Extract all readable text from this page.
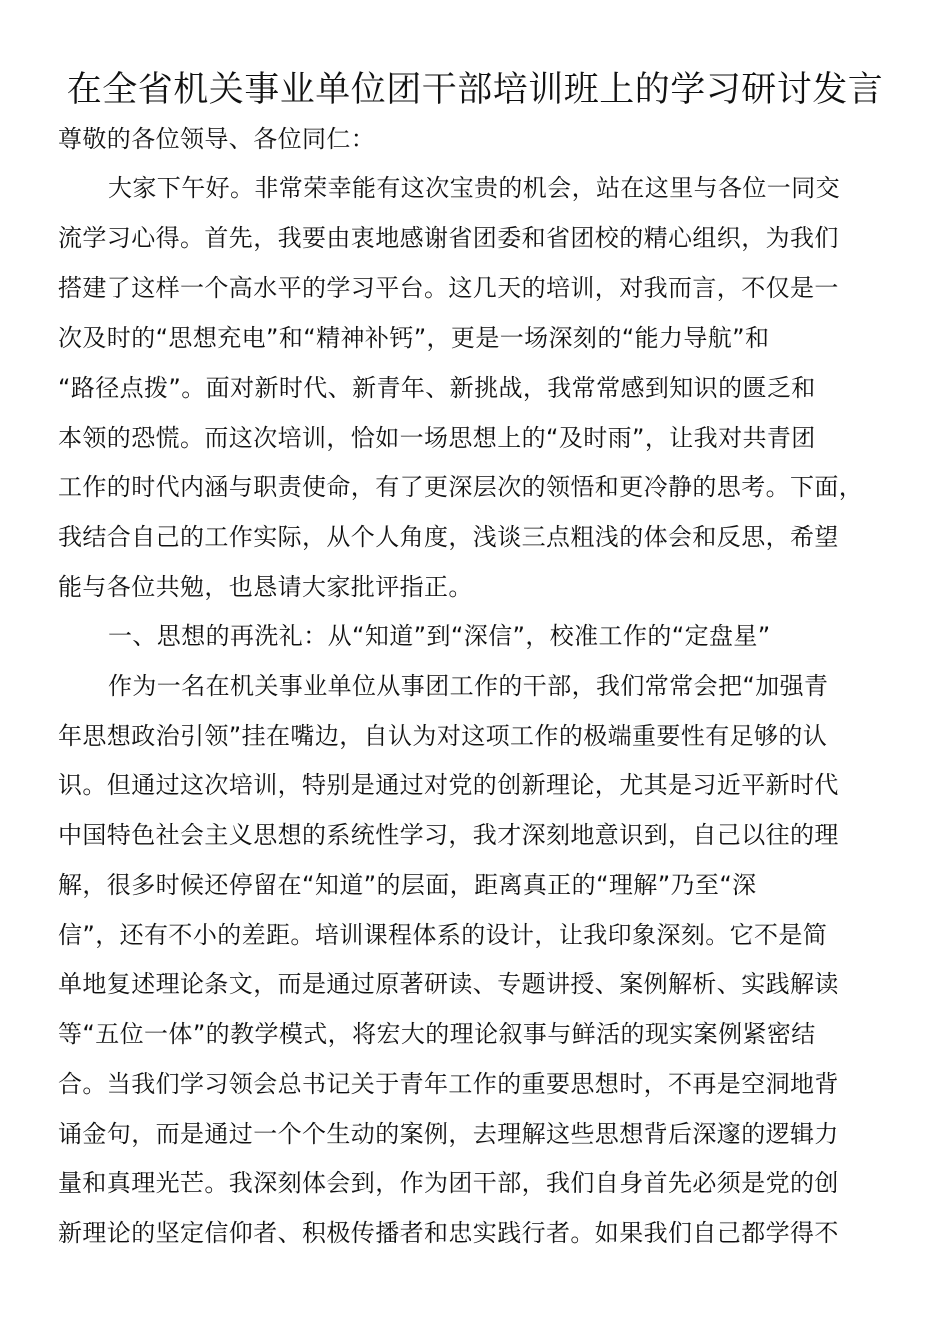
在全省机关事业单位团干部培训班上的学习研讨发言
尊敬的各位领导、各位同仁：
大家下午好。非常荣幸能有这次宝贵的机会，站在这里与各位一同交
流学习心得。首先，我要由衷地感谢省团委和省团校的精心组织，为我们
搭建了这样一个高水平的学习平台。这几天的培训，对我而言，不仅是一
次及时的“思想充电”和“精神补钙”，更是一场深刻的“能力导航”和
“路径点拨”。面对新时代、新青年、新挑战，我常常感到知识的匮乏和
本领的恐慌。而这次培训，恰如一场思想上的“及时雨”，让我对共青团
工作的时代内涵与职责使命，有了更深层次的领悟和更冷静的思考。下面，
我结合自己的工作实际，从个人角度，浅谈三点粗浅的体会和反思，希望
能与各位共勉，也恳请大家批评指正。
一、思想的再洗礼：从“知道”到“深信”，校准工作的“定盘星”
作为一名在机关事业单位从事团工作的干部，我们常常会把“加强青
年思想政治引领”挂在嘴边，自认为对这项工作的极端重要性有足够的认
识。但通过这次培训，特别是通过对党的创新理论，尤其是习近平新时代
中国特色社会主义思想的系统性学习，我才深刻地意识到，自己以往的理
解，很多时候还停留在“知道”的层面，距离真正的“理解”乃至“深
信”，还有不小的差距。培训课程体系的设计，让我印象深刻。它不是简
单地复述理论条文，而是通过原著研读、专题讲授、案例解析、实践解读
等“五位一体”的教学模式，将宏大的理论叙事与鲜活的现实案例紧密结
合。当我们学习领会总书记关于青年工作的重要思想时，不再是空洞地背
诵金句，而是通过一个个生动的案例，去理解这些思想背后深邃的逻辑力
量和真理光芒。我深刻体会到，作为团干部，我们自身首先必须是党的创
新理论的坚定信仰者、积极传播者和忠实践行者。如果我们自己都学得不
